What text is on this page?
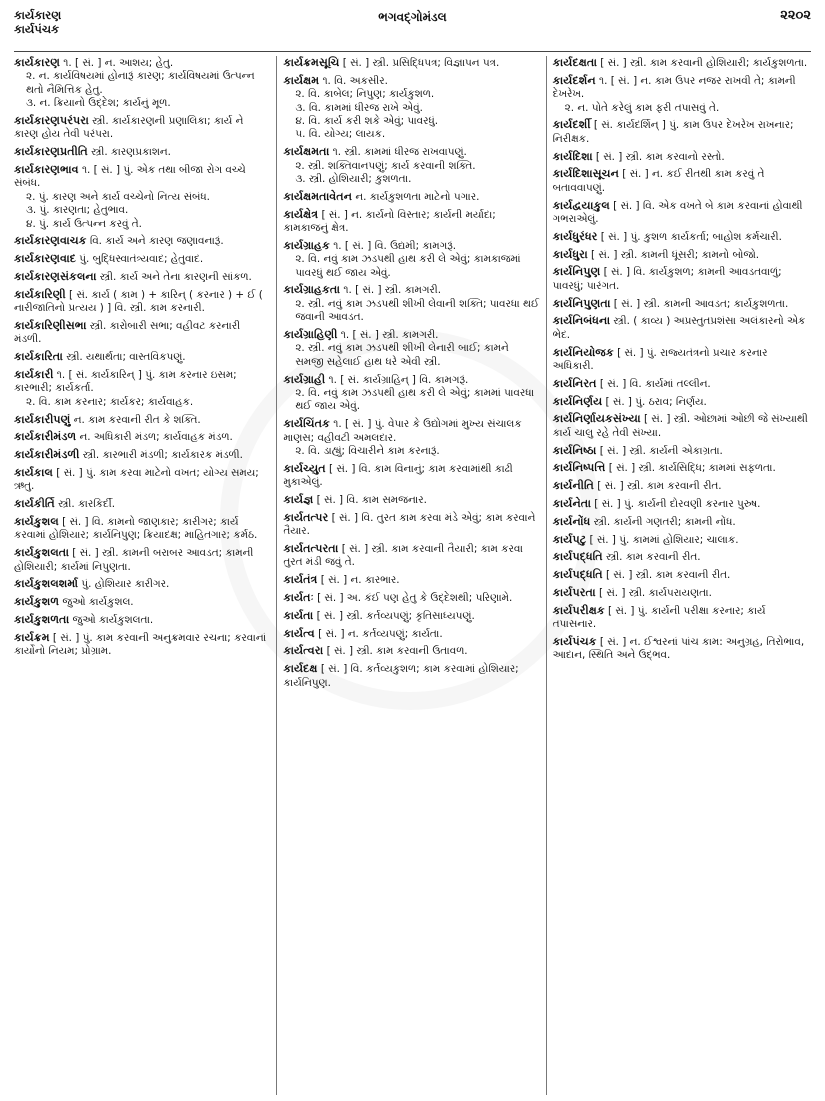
કાર્યકારણ
કાર્યપંચક
ભગવદ્ગોમંડલ	૨૨૦૨
કાર્યકારણ ૧. [ સં. ] ન. આશય; હેતુ.
૨. ન. કાર્યવિષયમાં હોનારૂં કારણ; કાર્યવિષયમાં ઉત્પન્ન થતો નૈમિત્તિક હેતુ.
૩. ન. ક્રિયાનો ઉદ્દેશ; કાર્યનું મૂળ.
કાર્યકારણપરંપરા સ્ત્રી. કાર્યકારણની પ્રણાલિકા; કાર્ય ને કારણ હોય તેવી પરંપરા.
કાર્યકારણપ્રતીતિ સ્ત્રી. કારણપ્રકાશન.
કાર્યકારણભાવ ૧. [ સં. ] પું. એક તથા બીજા રોગ વચ્ચે સંબંધ.
૨. પું. કારણ અને કાર્ય વચ્ચેનો નિત્ય સંબંધ.
૩. પું. કારણતા; હેતુભાવ.
૪. પું. કાર્ય ઉત્પન્ન કરવું તે.
કાર્યકારણવાચક વિ. કાર્ય અને કારણ જણાવનારૂં.
કાર્યકારણવાદ પું. બુદ્ધિસ્વાતંત્ર્યવાદ; હેતુવાદ.
કાર્યકારણસંકલના સ્ત્રી. કાર્ય અને તેના કારણની સાંકળ.
કાર્યકારિણી [ સં. કાર્ય ( કામ ) + કારિન્ ( કરનાર ) + ઈ ( નારીજાતિનો પ્રત્યય ) ] વિ. સ્ત્રી. કામ કરનારી.
કાર્યકારિણીસભા સ્ત્રી. કારોબારી સભા; વહીવટ કરનારી મંડળી.
કાર્યકારિતા સ્ત્રી. યથાર્થતા; વાસ્તવિકપણું.
કાર્યકારી ૧. [ સં. કાર્યકારિન્ ] પું. કામ કરનાર ઇસમ; કારભારી; કાર્યકર્તા.
૨. વિ. કામ કરનાર; કાર્યકર; કાર્યવાહક.
કાર્યકારીપણું ન. કામ કરવાની રીત કે શક્તિ.
કાર્યકારીમંડળ ન. અધિકારી મંડળ; કાર્યવાહક મંડળ.
કાર્યકારીમંડળી સ્ત્રી. કારભારી મંડળી; કાર્યકારક મંડળી.
કાર્યકાલ [ સં. ] પું. કામ કરવા માટેનો વખત; યોગ્ય સમય; ઋતુ.
કાર્યકીર્તિ સ્ત્રી. કારકિર્દી.
કાર્યકુશલ [ સં. ] વિ. કામનો જાણકાર; કારીગર; કાર્ય કરવામાં હોશિયાર; કાર્યનિપુણ; ક્રિયાદક્ષ; માહિતગાર; કર્મઠ.
કાર્યકુશલતા [ સં. ] સ્ત્રી. કામની બરાબર આવડત; કામની હોશિયારી; કાર્યમાં નિપુણતા.
કાર્યકુશલશર્મા પું. હોશિયાર કારીગર.
કાર્યકુશળ જુઓ કાર્યકુશલ.
કાર્યકુશળતા જુઓ કાર્યકુશલતા.
કાર્યક્રમ [ સં. ] પું. કામ કરવાની અનુક્રમવાર રચના; કરવાનાં કાર્યોનો નિયમ; પ્રોગ્રામ.
કાર્યક્રમસૂચિ [ સં. ] સ્ત્રી. પ્રસિદ્ધિપત્ર; વિજ્ઞાપન પત્ર.
કાર્યક્ષમ ૧. વિ. અકસીર.
૨. વિ. કાબેલ; નિપુણ; કાર્યકુશળ.
૩. વિ. કામમાં ધીરજ રાખે એવું.
૪. વિ. કાર્ય કરી શકે એવું; પાવરધું.
૫. વિ. યોગ્ય; લાયક.
કાર્યક્ષમતા ૧. સ્ત્રી. કામમાં ધીરજ રાખવાપણું.
૨. સ્ત્રી. શક્તિવાનપણું; કાર્ય કરવાની શક્તિ.
૩. સ્ત્રી. હોશિયારી; કુશળતા.
કાર્યક્ષમતાવેતન ન. કાર્યકુશળતા માટેનો પગાર.
કાર્યક્ષેત્ર [ સં. ] ન. કાર્યનો વિસ્તાર; કાર્યની મર્યાદા; કામકાજનું ક્ષેત્ર.
કાર્યગ્રાહક ૧. [ સં. ] વિ. ઉદ્યમી; કામગરૂં.
૨. વિ. નવું કામ ઝડપથી હાથ કરી લે એવું; કામકાજમાં પાવરધું થઈ જાય એવું.
કાર્યગ્રાહકતા ૧. [ સં. ] સ્ત્રી. કામગરી.
૨. સ્ત્રી. નવું કામ ઝડપથી શીખી લેવાની શક્તિ; પાવરધા થઈ જવાની આવડત.
કાર્યગ્રાહિણી ૧. [ સં. ] સ્ત્રી. કામગરી.
૨. સ્ત્રી. નવું કામ ઝડપથી શીખી લેનારી બાઈ; કામને સમજી સહેલાઈ હાથ ધરે એવી સ્ત્રી.
કાર્યગ્રાહી ૧. [ સં. કાર્યગ્રાહિન્ ] વિ. કામગરૂં.
૨. વિ. નવું કામ ઝડપથી હાથ કરી લે એવું; કામમાં પાવરધા થઈ જાય એવું.
કાર્યચિંતક ૧. [ સં. ] પું. વેપાર કે ઉદ્યોગમાં મુખ્ય સંચાલક માણસ; વહીવટી અમલદાર.
૨. વિ. ડાહ્યું; વિચારીને કામ કરનારૂં.
કાર્યચ્યુત [ સં. ] વિ. કામ વિનાનું; કામ કરવામાંથી કાઢી મુકાએલું.
કાર્યજ્ઞ [ સં. ] વિ. કામ સમજનાર.
કાર્યતત્પર [ સં. ] વિ. તુરત કામ કરવા મંડે એવું; કામ કરવાને તૈયાર.
કાર્યતત્પરતા [ સં. ] સ્ત્રી. કામ કરવાની તૈયારી; કામ કરવા તુરત મંડી જવું તે.
કાર્યતંત્ર [ સં. ] ન. કારભાર.
કાર્યતઃ [ સં. ] અ. કંઈ પણ હેતુ કે ઉદ્દેશથી; પરિણામે.
કાર્યતા [ સં. ] સ્ત્રી. કર્તવ્યપણું; કૃતિસાધ્યપણું.
કાર્યત્વ [ સં. ] ન. કર્તવ્યપણું; કાર્યતા.
કાર્યત્વરા [ સં. ] સ્ત્રી. કામ કરવાની ઉતાવળ.
કાર્યદક્ષ [ સં. ] વિ. કર્તવ્યકુશળ; કામ કરવામાં હોશિયાર; કાર્યનિપુણ.
કાર્યદક્ષતા [ સં. ] સ્ત્રી. કામ કરવાની હોશિયારી; કાર્યકુશળતા.
કાર્યદર્શન ૧. [ સં. ] ન. કામ ઉપર નજર રાખવી તે; કામની દેખરેખ.
૨. ન. પોતે કરેલું કામ ફરી તપાસવું તે.
કાર્યદર્શી [ સં. કાર્યદર્શિન્ ] પું. કામ ઉપર દેખરેખ રાખનાર; નિરીક્ષક.
કાર્યદિશા [ સં. ] સ્ત્રી. કામ કરવાનો રસ્તો.
કાર્યદિશાસૂચન [ સં. ] ન. કઈ રીતથી કામ કરવું તે બતાવવાપણું.
કાર્યદ્વયાકુલ [ સં. ] વિ. એક વખતે બે કામ કરવાનાં હોવાથી ગભરાએલું.
કાર્યધુરંધર [ સં. ] પું. કુશળ કાર્યકર્તા; બાહોશ કર્મચારી.
કાર્યધુરા [ સં. ] સ્ત્રી. કામની ધૂંસરી; કામનો બોજો.
કાર્યનિપુણ [ સં. ] વિ. કાર્યકુશળ; કામની આવડતવાળું; પાવરધું; પારંગત.
કાર્યનિપુણતા [ સં. ] સ્ત્રી. કામની આવડત; કાર્યકુશળતા.
કાર્યનિબંધના સ્ત્રી. ( કાવ્ય ) અપ્રસ્તુતપ્રશંસા અલંકારનો એક ભેદ.
કાર્યનિયોજક [ સં. ] પું. રાજ્યતંત્રનો પ્રચાર કરનાર અધિકારી.
કાર્યનિરત [ સં. ] વિ. કાર્યમાં તલ્લીન.
કાર્યનિર્ણય [ સં. ] પું. ઠરાવ; નિર્ણય.
કાર્યનિર્ણાયકસંખ્યા [ સં. ] સ્ત્રી. ઓછામાં ઓછી જે સંખ્યાથી કાર્ય ચાલુ રહે તેવી સંખ્યા.
કાર્યનિષ્ઠા [ સં. ] સ્ત્રી. કાર્યની એકાગ્રતા.
કાર્યનિષ્પત્તિ [ સં. ] સ્ત્રી. કાર્યસિદ્ધિ; કામમાં સફળતા.
કાર્યનીતિ [ સં. ] સ્ત્રી. કામ કરવાની રીત.
કાર્યનેતા [ સં. ] પું. કાર્યની દોરવણી કરનાર પુરુષ.
કાર્યનોંધ સ્ત્રી. કાર્યની ગણતરી; કામની નોંધ.
કાર્યપટુ [ સં. ] પું. કામમાં હોશિયાર; ચાલાક.
કાર્યપદ્ધતિ સ્ત્રી. કામ કરવાની રીત.
કાર્યપદ્ધતિ [ સં. ] સ્ત્રી. કામ કરવાની રીત.
કાર્યપરતા [ સં. ] સ્ત્રી. કાર્યપરાયણતા.
કાર્યપરીક્ષક [ સં. ] પું. કાર્યની પરીક્ષા કરનાર; કાર્ય તપાસનાર.
કાર્યપંચક [ સં. ] ન. ઈશ્વરનાં પાંચ કામ: અનુગ્રહ, તિરોભાવ, આદાન, સ્થિતિ અને ઉદ્ભવ.
